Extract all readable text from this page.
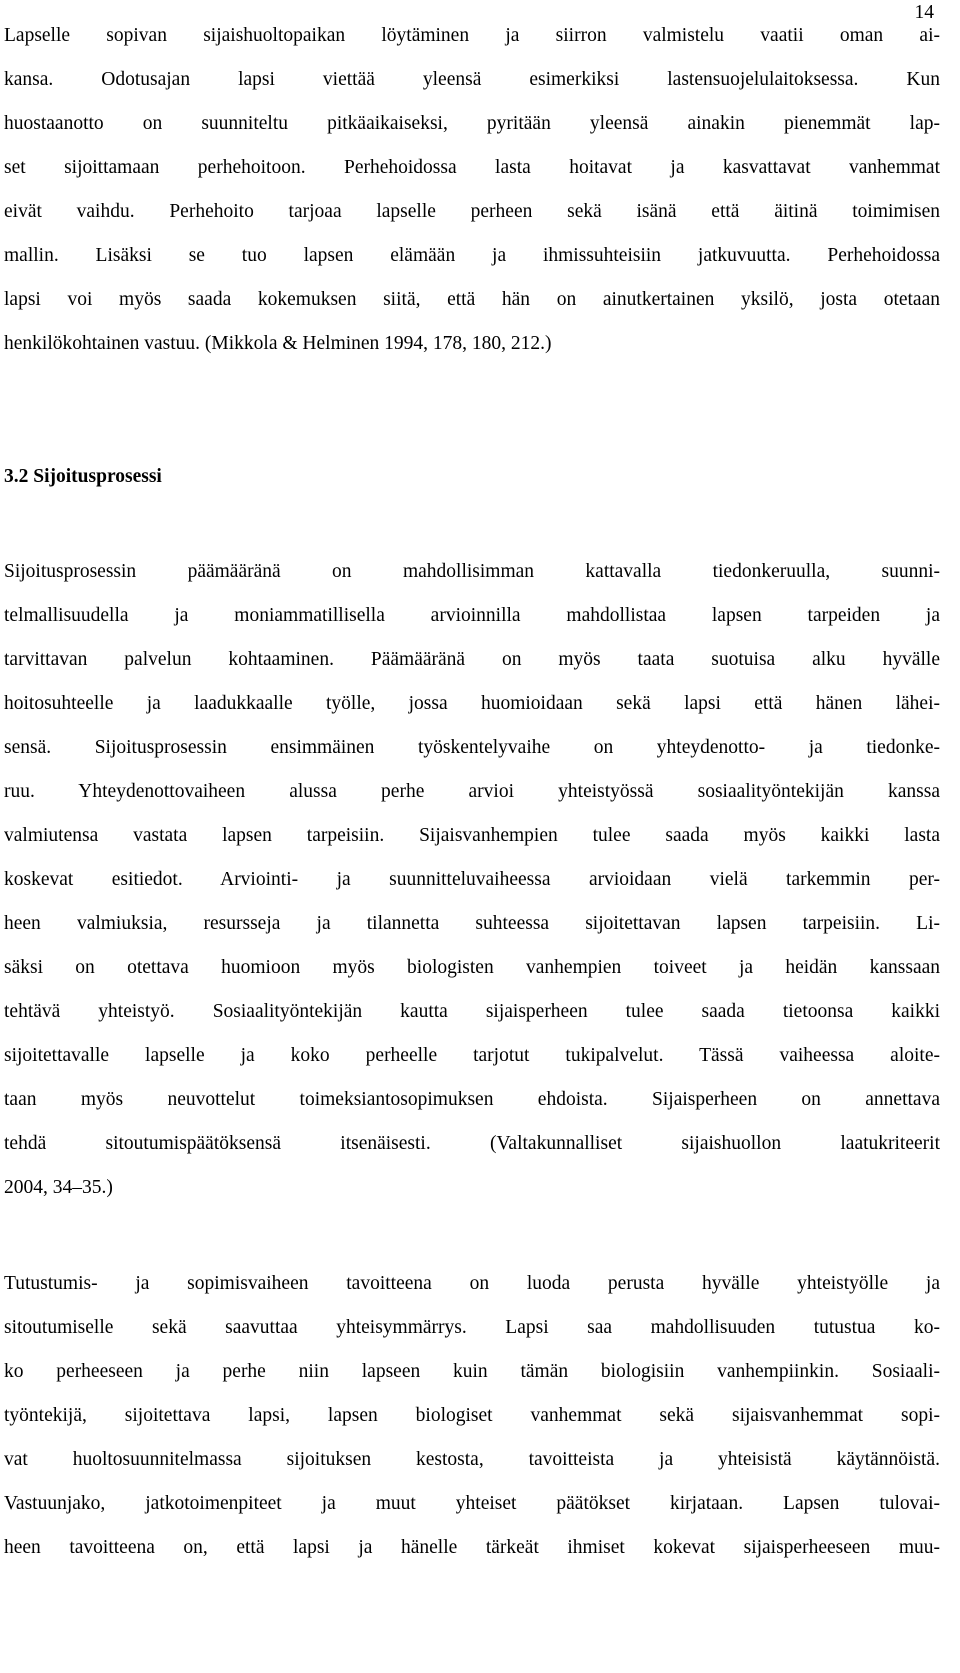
14
Lapselle sopivan sijaishuoltopaikan löytäminen ja siirron valmistelu vaatii oman ai-
kansa. Odotusajan lapsi viettää yleensä esimerkiksi lastensuojelulaitoksessa. Kun
huostaanotto on suunniteltu pitkäaikaiseksi, pyritään yleensä ainakin pienemmät lap-
set sijoittamaan perhehoitoon. Perhehoidossa lasta hoitavat ja kasvattavat vanhemmat
eivät vaihdu. Perhehoito tarjoaa lapselle perheen sekä isänä että äitinä toimimisen
mallin. Lisäksi se tuo lapsen elämään ja ihmissuhteisiin jatkuvuutta. Perhehoidossa
lapsi voi myös saada kokemuksen siitä, että hän on ainutkertainen yksilö, josta otetaan
henkilökohtainen vastuu. (Mikkola & Helminen 1994, 178, 180, 212.)
3.2 Sijoitusprosessi
Sijoitusprosessin päämääränä on mahdollisimman kattavalla tiedonkeruulla, suunni-
telmallisuudella ja moniammatillisella arvioinnilla mahdollistaa lapsen tarpeiden ja
tarvittavan palvelun kohtaaminen. Päämääränä on myös taata suotuisa alku hyvälle
hoitosuhteelle ja laadukkaalle työlle, jossa huomioidaan sekä lapsi että hänen lähei-
sensä. Sijoitusprosessin ensimmäinen työskentelyvaihe on yhteydenotto- ja tiedonke-
ruu. Yhteydenottovaiheen alussa perhe arvioi yhteistyössä sosiaalityöntekijän kanssa
valmiutensa vastata lapsen tarpeisiin. Sijaisvanhempien tulee saada myös kaikki lasta
koskevat esitiedot. Arviointi- ja suunnitteluvaiheessa arvioidaan vielä tarkemmin per-
heen valmiuksia, resursseja ja tilannetta suhteessa sijoitettavan lapsen tarpeisiin. Li-
säksi on otettava huomioon myös biologisten vanhempien toiveet ja heidän kanssaan
tehtävä yhteistyö. Sosiaalityöntekijän kautta sijaisperheen tulee saada tietoonsa kaikki
sijoitettavalle lapselle ja koko perheelle tarjotut tukipalvelut. Tässä vaiheessa aloite-
taan myös neuvottelut toimeksiantosopimuksen ehdoista. Sijaisperheen on annettava
tehdä sitoutumispäätöksensä itsenäisesti. (Valtakunnalliset sijaishuollon laatukriteerit
2004, 34–35.)
Tutustumis- ja sopimisvaiheen tavoitteena on luoda perusta hyvälle yhteistyölle ja
sitoutumiselle sekä saavuttaa yhteisymmärrys. Lapsi saa mahdollisuuden tutustua ko-
ko perheeseen ja perhe niin lapseen kuin tämän biologisiin vanhempiinkin. Sosiaali-
työntekijä, sijoitettava lapsi, lapsen biologiset vanhemmat sekä sijaisvanhemmat sopi-
vat huoltosuunnitelmassa sijoituksen kestosta, tavoitteista ja yhteisistä käytännöistä.
Vastuunjako, jatkotoimenpiteet ja muut yhteiset päätökset kirjataan. Lapsen tulovai-
heen tavoitteena on, että lapsi ja hänelle tärkeät ihmiset kokevat sijaisperheeseen muu-
